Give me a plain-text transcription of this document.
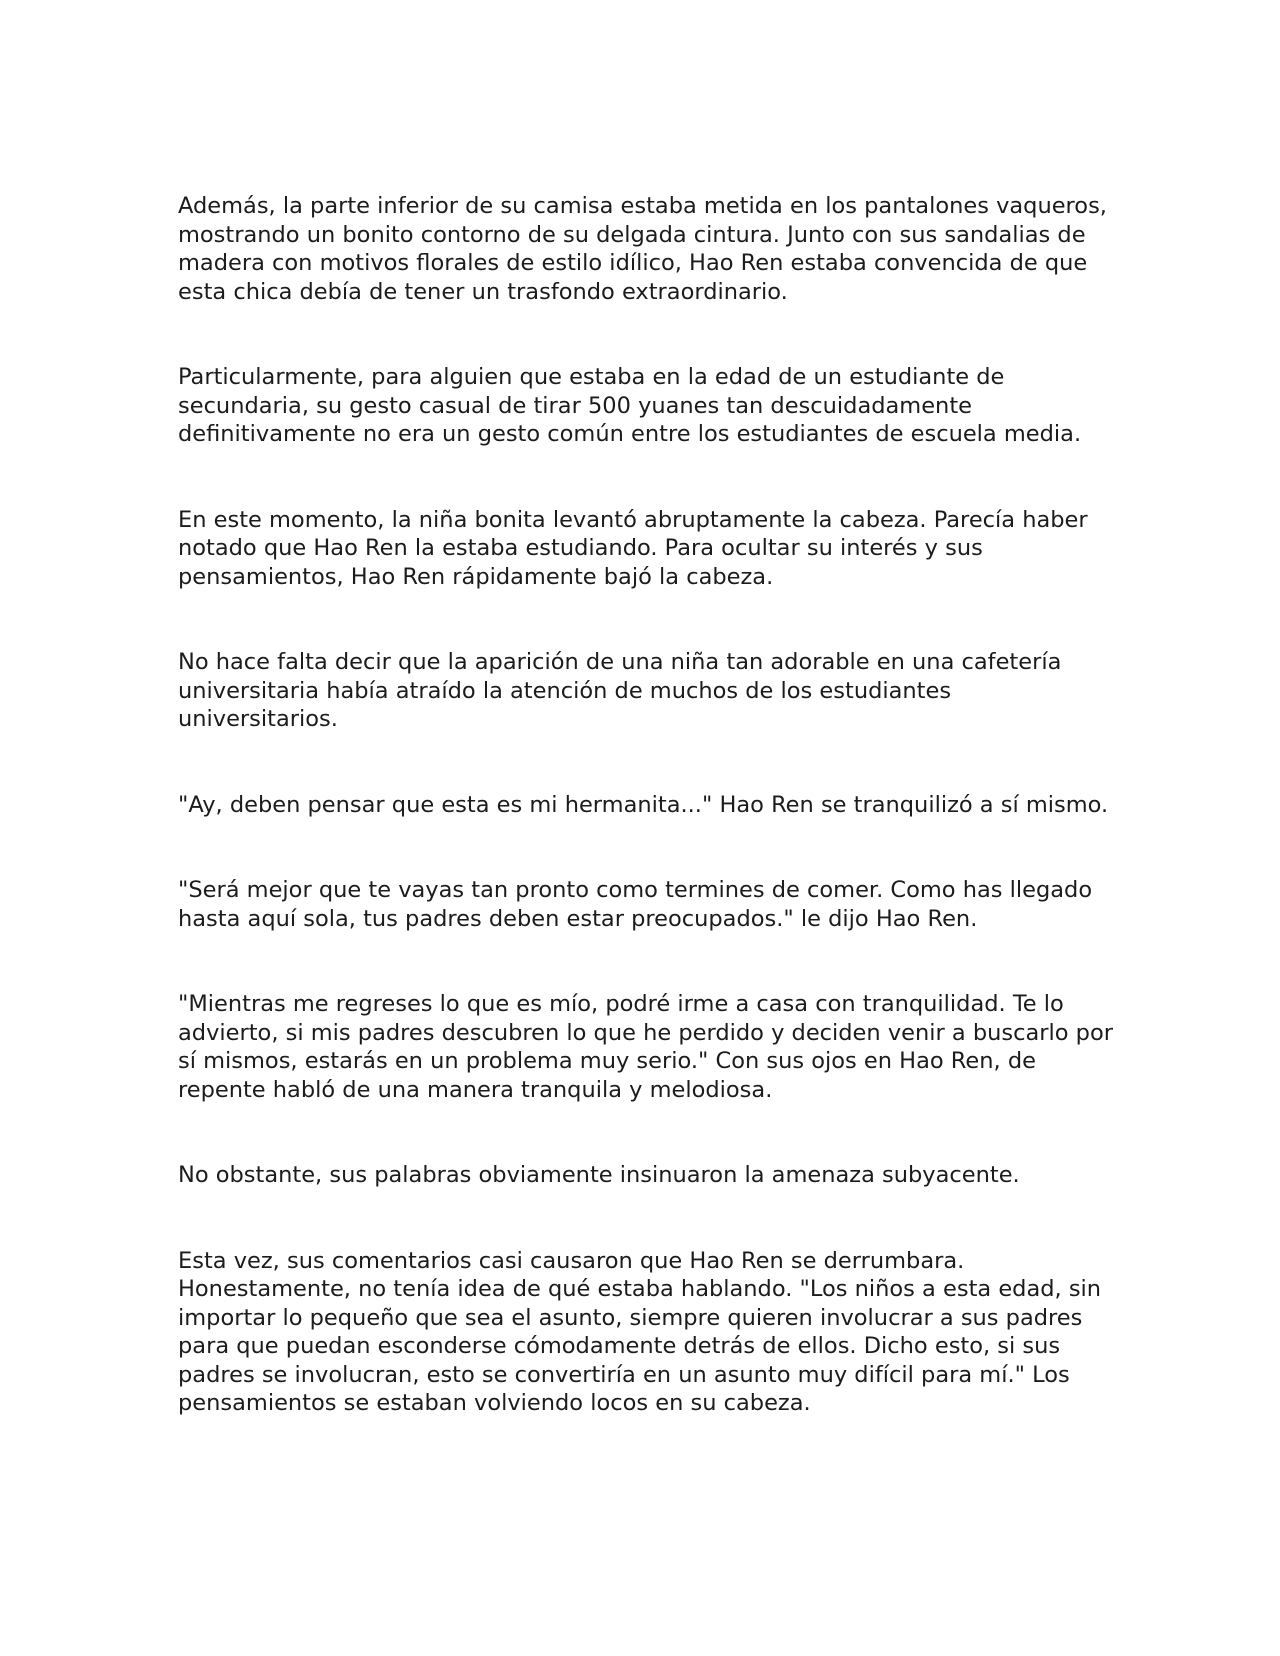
Además, la parte inferior de su camisa estaba metida en los pantalones vaqueros, mostrando un bonito contorno de su delgada cintura. Junto con sus sandalias de madera con motivos florales de estilo idílico, Hao Ren estaba convencida de que esta chica debía de tener un trasfondo extraordinario.

Particularmente, para alguien que estaba en la edad de un estudiante de secundaria, su gesto casual de tirar 500 yuanes tan descuidadamente definitivamente no era un gesto común entre los estudiantes de escuela media.

En este momento, la niña bonita levantó abruptamente la cabeza. Parecía haber notado que Hao Ren la estaba estudiando. Para ocultar su interés y sus pensamientos, Hao Ren rápidamente bajó la cabeza.

No hace falta decir que la aparición de una niña tan adorable en una cafetería universitaria había atraído la atención de muchos de los estudiantes universitarios.

"Ay, deben pensar que esta es mi hermanita..." Hao Ren se tranquilizó a sí mismo.

"Será mejor que te vayas tan pronto como termines de comer. Como has llegado hasta aquí sola, tus padres deben estar preocupados." le dijo Hao Ren.

"Mientras me regreses lo que es mío, podré irme a casa con tranquilidad. Te lo advierto, si mis padres descubren lo que he perdido y deciden venir a buscarlo por sí mismos, estarás en un problema muy serio." Con sus ojos en Hao Ren, de repente habló de una manera tranquila y melodiosa.

No obstante, sus palabras obviamente insinuaron la amenaza subyacente.

Esta vez, sus comentarios casi causaron que Hao Ren se derrumbara. Honestamente, no tenía idea de qué estaba hablando. "Los niños a esta edad, sin importar lo pequeño que sea el asunto, siempre quieren involucrar a sus padres para que puedan esconderse cómodamente detrás de ellos. Dicho esto, si sus padres se involucran, esto se convertiría en un asunto muy difícil para mí." Los pensamientos se estaban volviendo locos en su cabeza.
